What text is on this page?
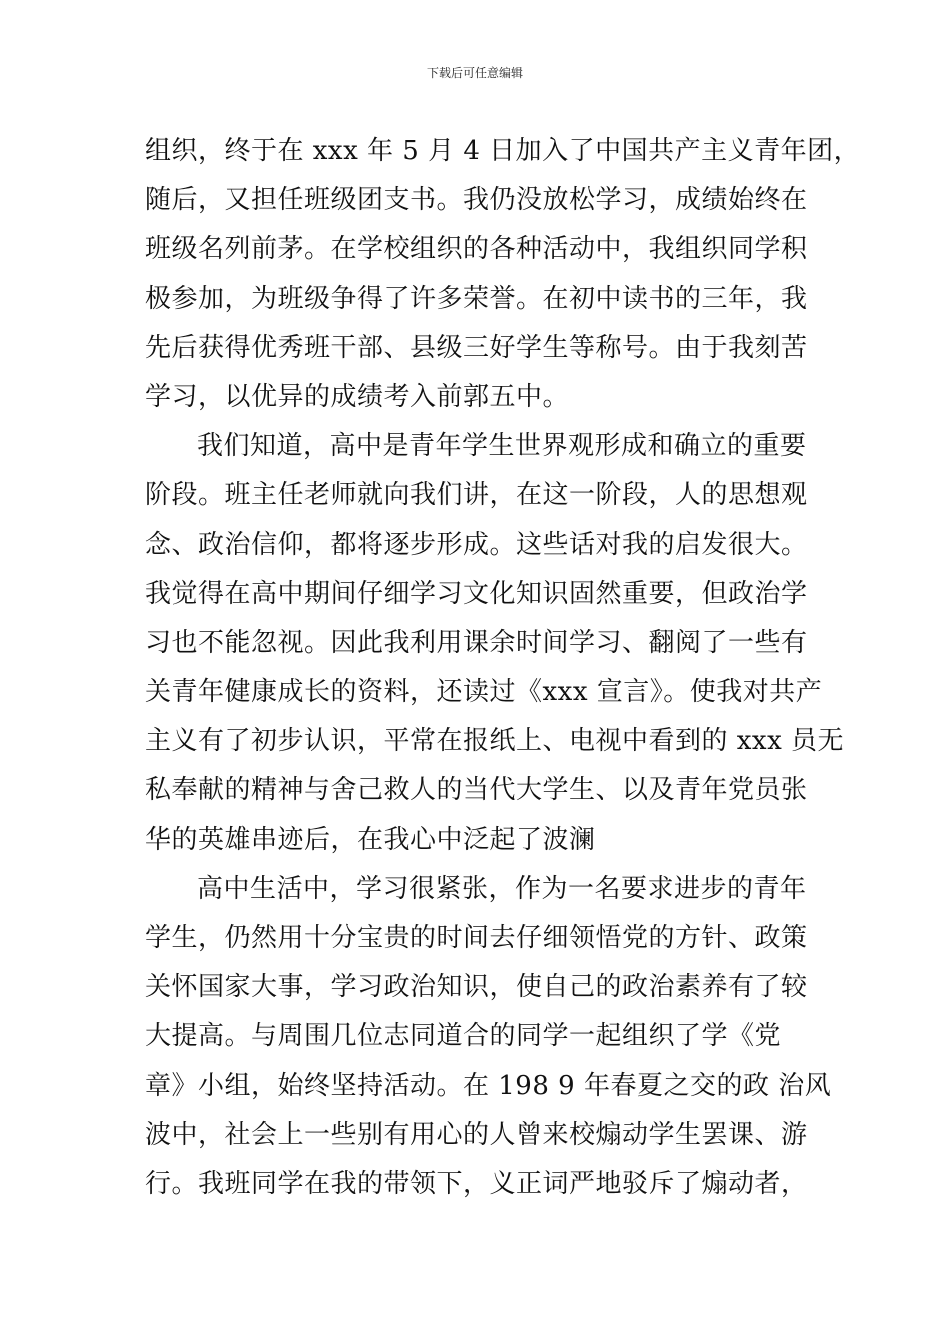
下载后可任意编辑
组织，终于在 xxx 年 5 月 4 日加入了中国共产主义青年团，
随后，又担任班级团支书。我仍没放松学习，成绩始终在
班级名列前茅。在学校组织的各种活动中，我组织同学积
极参加，为班级争得了许多荣誉。在初中读书的三年，我
先后获得优秀班干部、县级三好学生等称号。由于我刻苦
学习，以优异的成绩考入前郭五中。
我们知道，高中是青年学生世界观形成和确立的重要
阶段。班主任老师就向我们讲，在这一阶段，人的思想观
念、政治信仰，都将逐步形成。这些话对我的启发很大。
我觉得在高中期间仔细学习文化知识固然重要，但政治学
习也不能忽视。因此我利用课余时间学习、翻阅了一些有
关青年健康成长的资料，还读过《xxx 宣言》。使我对共产
主义有了初步认识，平常在报纸上、电视中看到的 xxx 员无
私奉献的精神与舍己救人的当代大学生、以及青年党员张
华的英雄串迹后，在我心中泛起了波澜
高中生活中，学习很紧张，作为一名要求进步的青年
学生，仍然用十分宝贵的时间去仔细领悟党的方针、政策
关怀国家大事，学习政治知识，使自己的政治素养有了较
大提高。与周围几位志同道合的同学一起组织了学《党
章》小组，始终坚持活动。在 198 9 年春夏之交的政 治风
波中，社会上一些别有用心的人曾来校煽动学生罢课、游
行。我班同学在我的带领下，义正词严地驳斥了煽动者，
